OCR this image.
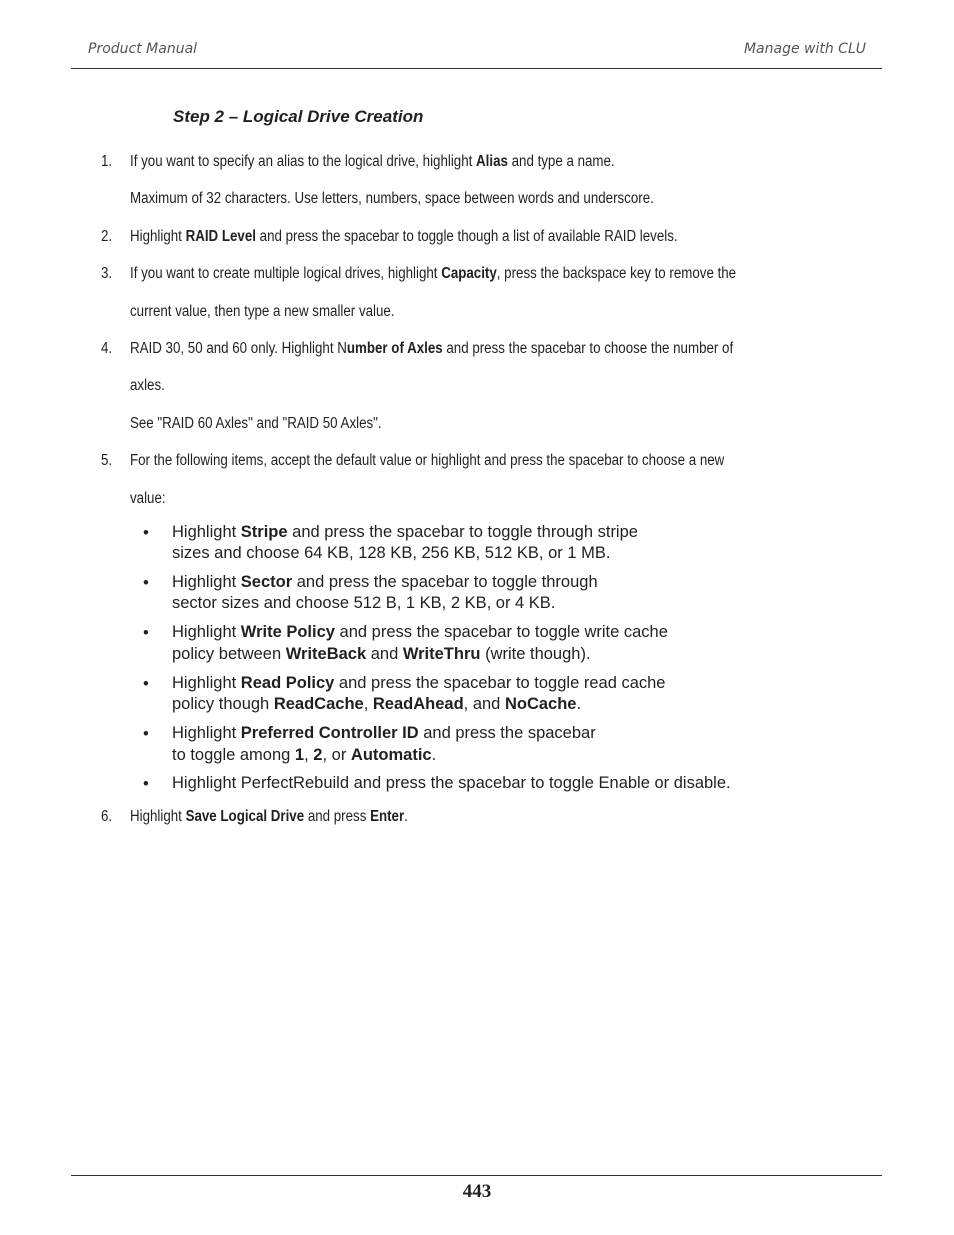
Product Manual	Manage with CLU
Step 2 – Logical Drive Creation
1. If you want to specify an alias to the logical drive, highlight Alias and type a name.
Maximum of 32 characters. Use letters, numbers, space between words and underscore.
2. Highlight RAID Level and press the spacebar to toggle though a list of available RAID levels.
3. If you want to create multiple logical drives, highlight Capacity, press the backspace key to remove the
current value, then type a new smaller value.
4. RAID 30, 50 and 60 only. Highlight Number of Axles and press the spacebar to choose the number of
axles.
See "RAID 60 Axles" and "RAID 50 Axles".
5. For the following items, accept the default value or highlight and press the spacebar to choose a new
value:
• Highlight Stripe and press the spacebar to toggle through stripe
sizes and choose 64 KB, 128 KB, 256 KB, 512 KB, or 1 MB.
• Highlight Sector and press the spacebar to toggle through
sector sizes and choose 512 B, 1 KB, 2 KB, or 4 KB.
• Highlight Write Policy and press the spacebar to toggle write cache
policy between WriteBack and WriteThru (write though).
• Highlight Read Policy and press the spacebar to toggle read cache
policy though ReadCache, ReadAhead, and NoCache.
• Highlight Preferred Controller ID and press the spacebar
to toggle among 1, 2, or Automatic.
• Highlight PerfectRebuild and press the spacebar to toggle Enable or disable.
6. Highlight Save Logical Drive and press Enter.
443
